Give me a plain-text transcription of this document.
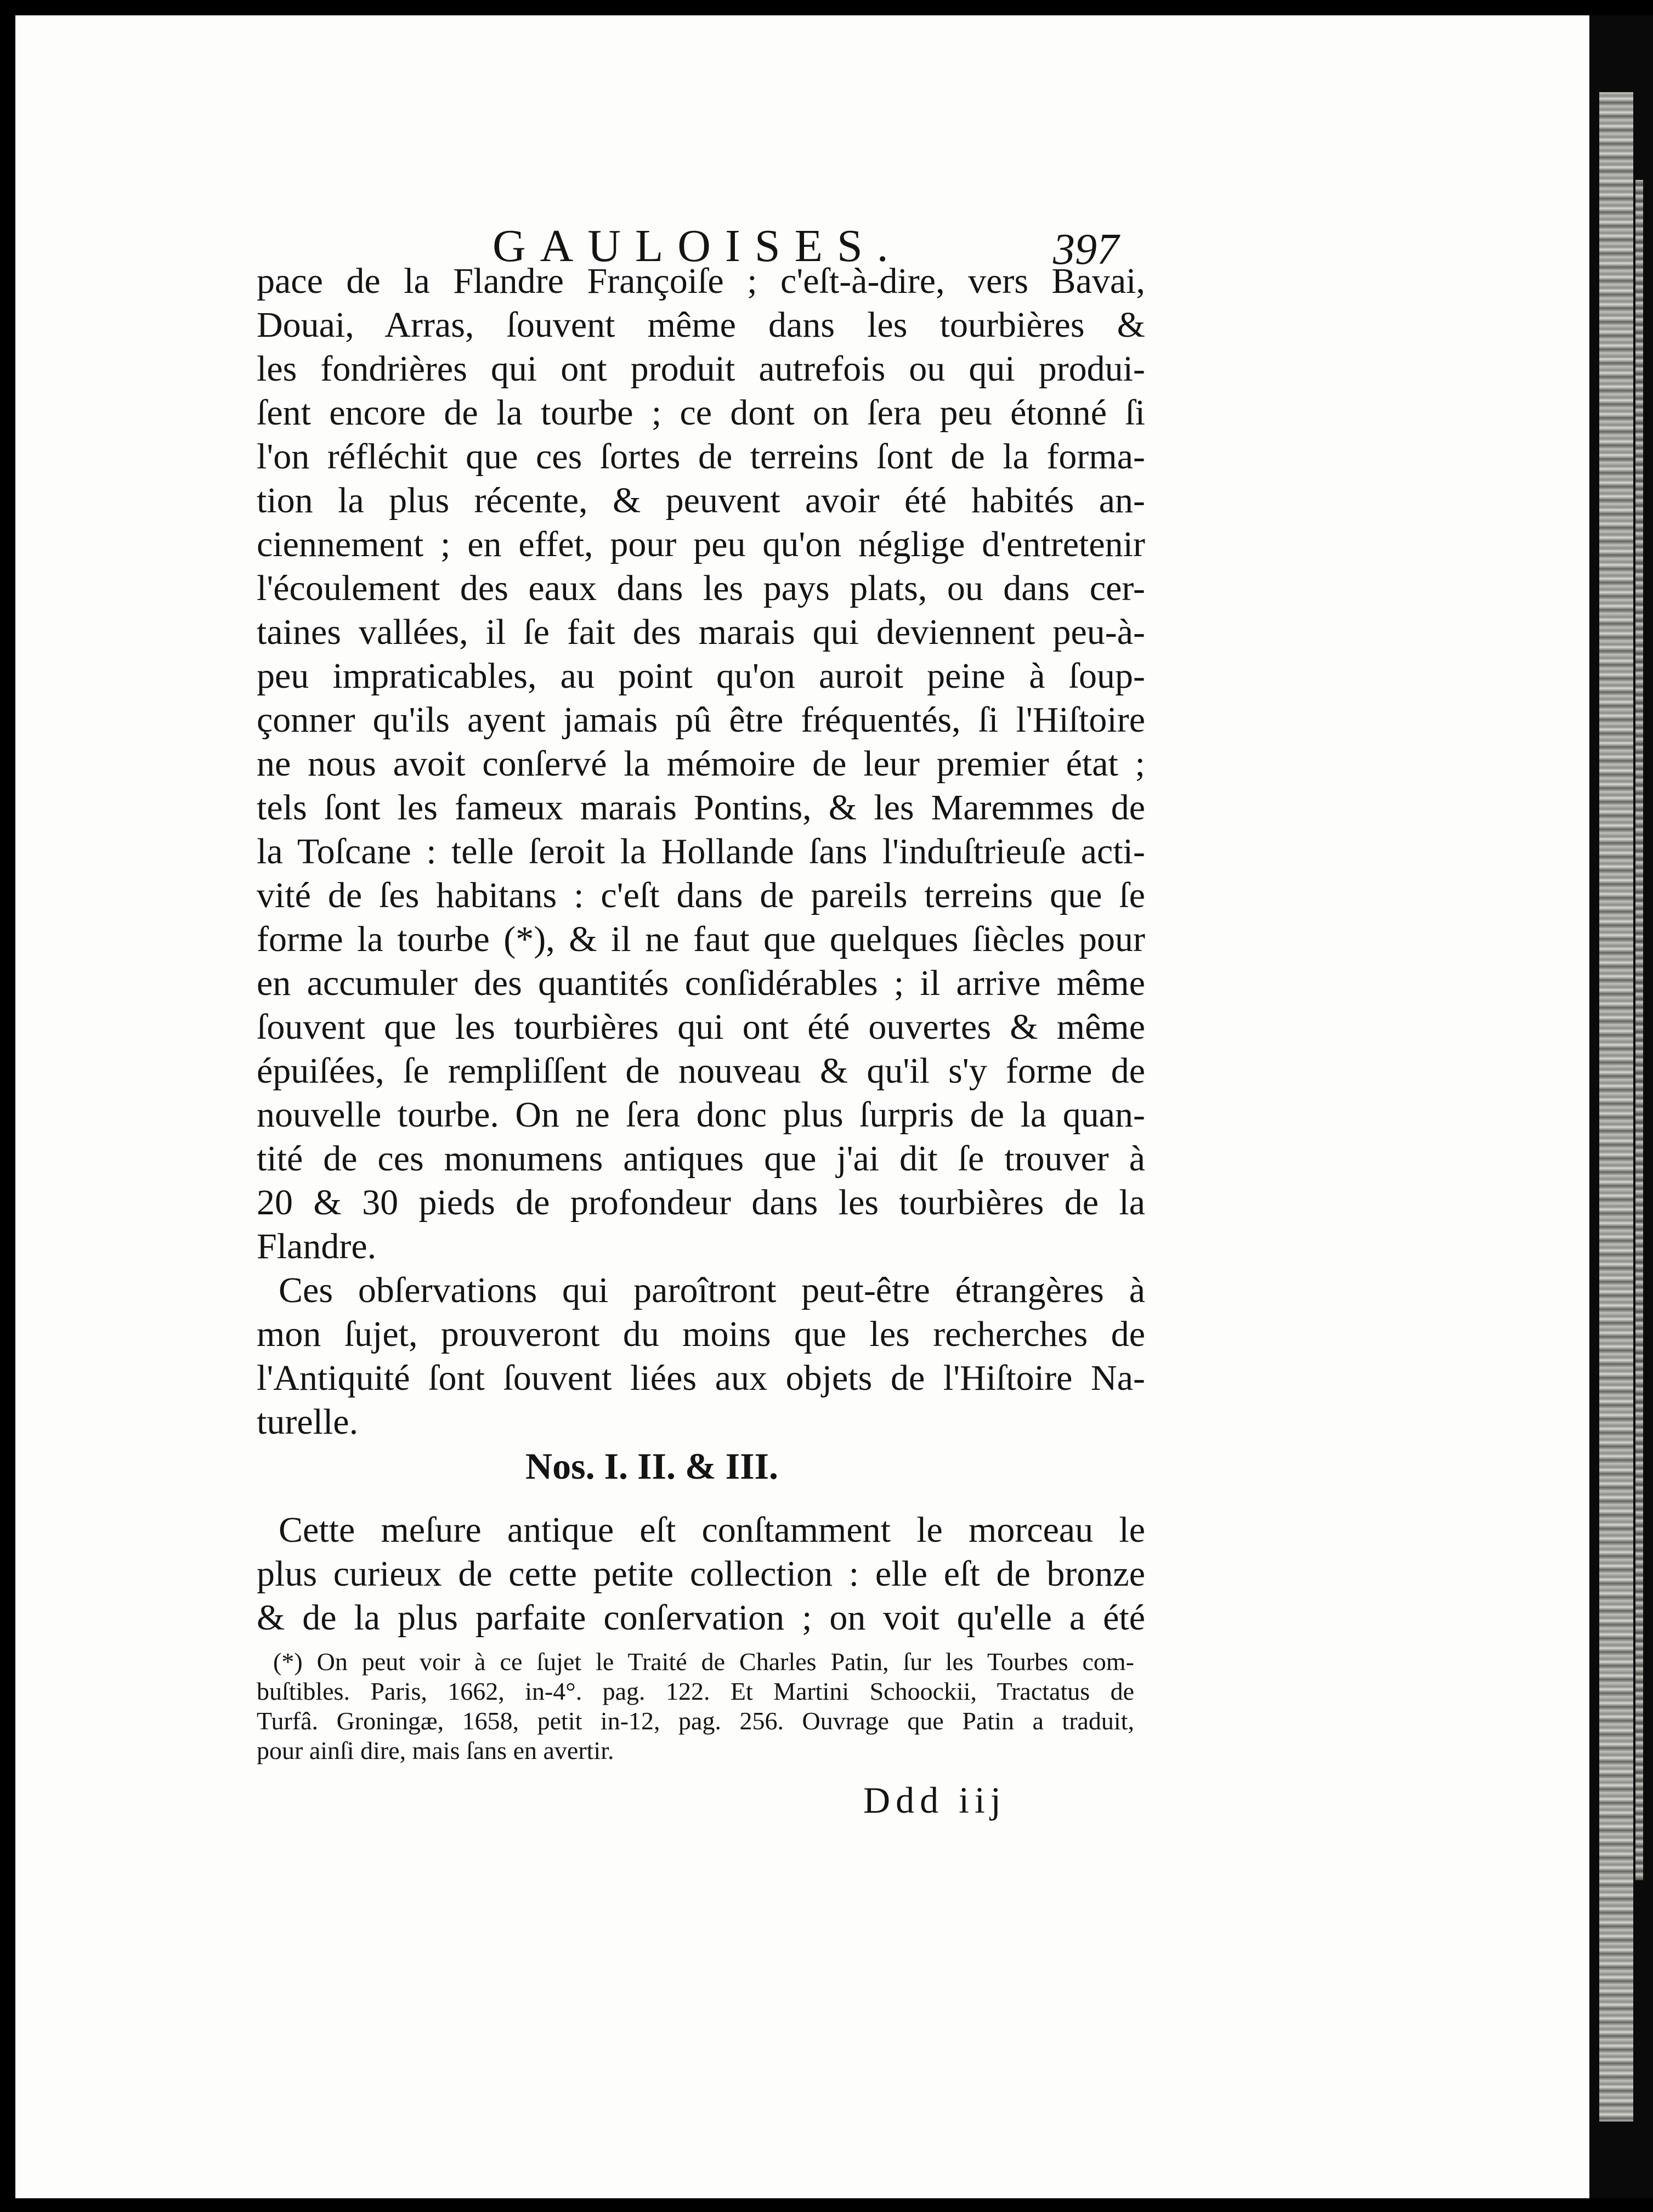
GAULOISES.	397
pace de la Flandre Françoiſe ; c'eſt-à-dire, vers Bavai,
Douai, Arras, ſouvent même dans les tourbières &
les fondrières qui ont produit autrefois ou qui produi-
ſent encore de la tourbe ; ce dont on ſera peu étonné ſi
l'on réfléchit que ces ſortes de terreins ſont de la forma-
tion la plus récente, & peuvent avoir été habités an-
ciennement ; en effet, pour peu qu'on néglige d'entretenir
l'écoulement des eaux dans les pays plats, ou dans cer-
taines vallées, il ſe fait des marais qui deviennent peu-à-
peu impraticables, au point qu'on auroit peine à ſoup-
çonner qu'ils ayent jamais pû être fréquentés, ſi l'Hiſtoire
ne nous avoit conſervé la mémoire de leur premier état ;
tels ſont les fameux marais Pontins, & les Maremmes de
la Toſcane : telle ſeroit la Hollande ſans l'induſtrieuſe acti-
vité de ſes habitans : c'eſt dans de pareils terreins que ſe
forme la tourbe (*), & il ne faut que quelques ſiècles pour
en accumuler des quantités conſidérables ; il arrive même
ſouvent que les tourbières qui ont été ouvertes & même
épuiſées, ſe rempliſſent de nouveau & qu'il s'y forme de
nouvelle tourbe. On ne ſera donc plus ſurpris de la quan-
tité de ces monumens antiques que j'ai dit ſe trouver à
20 & 30 pieds de profondeur dans les tourbières de la
Flandre.
Ces obſervations qui paroîtront peut-être étrangères à
mon ſujet, prouveront du moins que les recherches de
l'Antiquité ſont ſouvent liées aux objets de l'Hiſtoire Na-
turelle.
Nos. I. II. & III.
Cette meſure antique eſt conſtamment le morceau le
plus curieux de cette petite collection : elle eſt de bronze
& de la plus parfaite conſervation ; on voit qu'elle a été
(*) On peut voir à ce ſujet le Traité de Charles Patin, ſur les Tourbes com-
buſtibles. Paris, 1662, in-4°. pag. 122. Et Martini Schoockii, Tractatus de
Turfâ. Groningæ, 1658, petit in-12, pag. 256. Ouvrage que Patin a traduit,
pour ainſi dire, mais ſans en avertir.
Ddd iij
